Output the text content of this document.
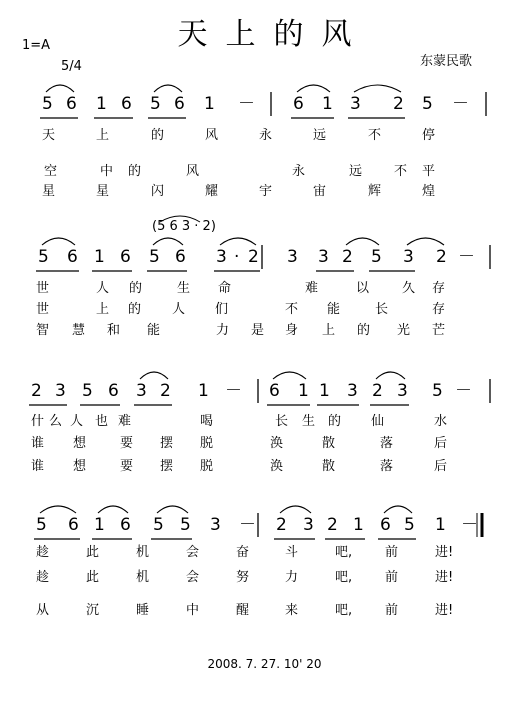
天上的风
1=A
5/4	东蒙民歌
(5 6 3 · 2)
5 6 1 6 5 6 1 － 6 1 3 2 5 －
天	上	的	风	永	远	不	停
空	中 的	风	永	远 不 平
星	星	闪	耀	宇	宙	辉	煌
5 6 1 6 5 6 3 · 2 3 3 2 5 3 2 －
世	人 的	生 命	难	以	久 存
世	上 的 人 们	不 能	长	存
智 慧 和 能	力 是 身 上 的 光 芒
2 3 5 6 3 2 1 － 6 1 1 3 2 3 5 －
什 么 人 也 难	喝	长 生 的 仙	水
谁 想	要 摆 脱	涣	散	落	后
谁 想	要 摆 脱	涣	散	落	后
5 6 1 6 5 5 3 － 2 3 2 1 6 5 1 －
趁	此	机	会	奋	斗	吧,	前	进!
趁	此	机	会	努	力	吧,	前	进!
从	沉	睡	中	醒	来	吧,	前	进!
2008. 7. 27. 10' 20
